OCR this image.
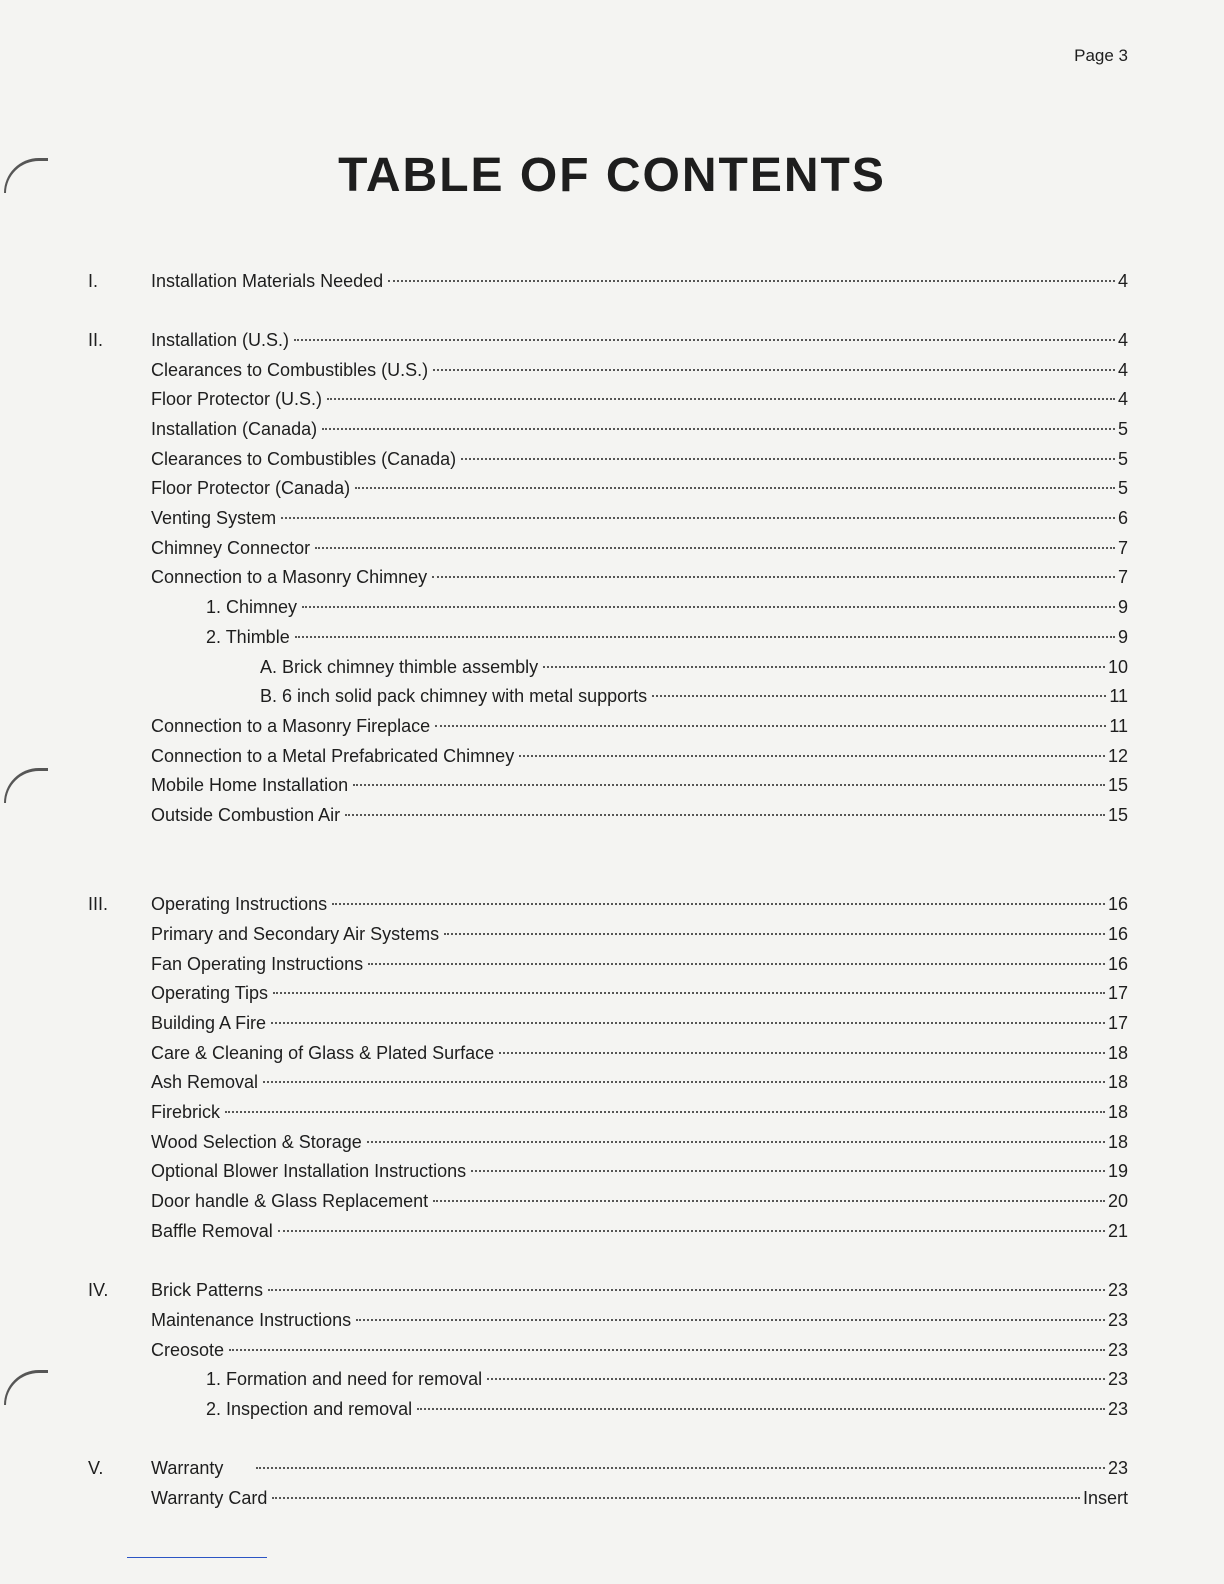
Page 3
TABLE OF CONTENTS
I.	Installation Materials Needed	4
II.	Installation (U.S.)	4
Clearances to Combustibles (U.S.)	4
Floor Protector (U.S.)	4
Installation (Canada)	5
Clearances to Combustibles (Canada)	5
Floor Protector (Canada)	5
Venting System	6
Chimney Connector	7
Connection to a Masonry Chimney	7
1. Chimney	9
2. Thimble	9
A. Brick chimney thimble assembly	10
B. 6 inch solid pack chimney with metal supports	11
Connection to a Masonry Fireplace	11
Connection to a Metal Prefabricated Chimney	12
Mobile Home Installation	15
Outside Combustion Air	15
III. Operating Instructions	16
Primary and Secondary Air Systems	16
Fan Operating Instructions	16
Operating Tips	17
Building A Fire	17
Care & Cleaning of Glass & Plated Surface	18
Ash Removal	18
Firebrick	18
Wood Selection & Storage	18
Optional Blower Installation Instructions	19
Door handle & Glass Replacement	20
Baffle Removal	21
IV. Brick Patterns	23
Maintenance Instructions	23
Creosote	23
1. Formation and need for removal	23
2. Inspection and removal	23
V.	Warranty	23
Warranty Card	Insert
